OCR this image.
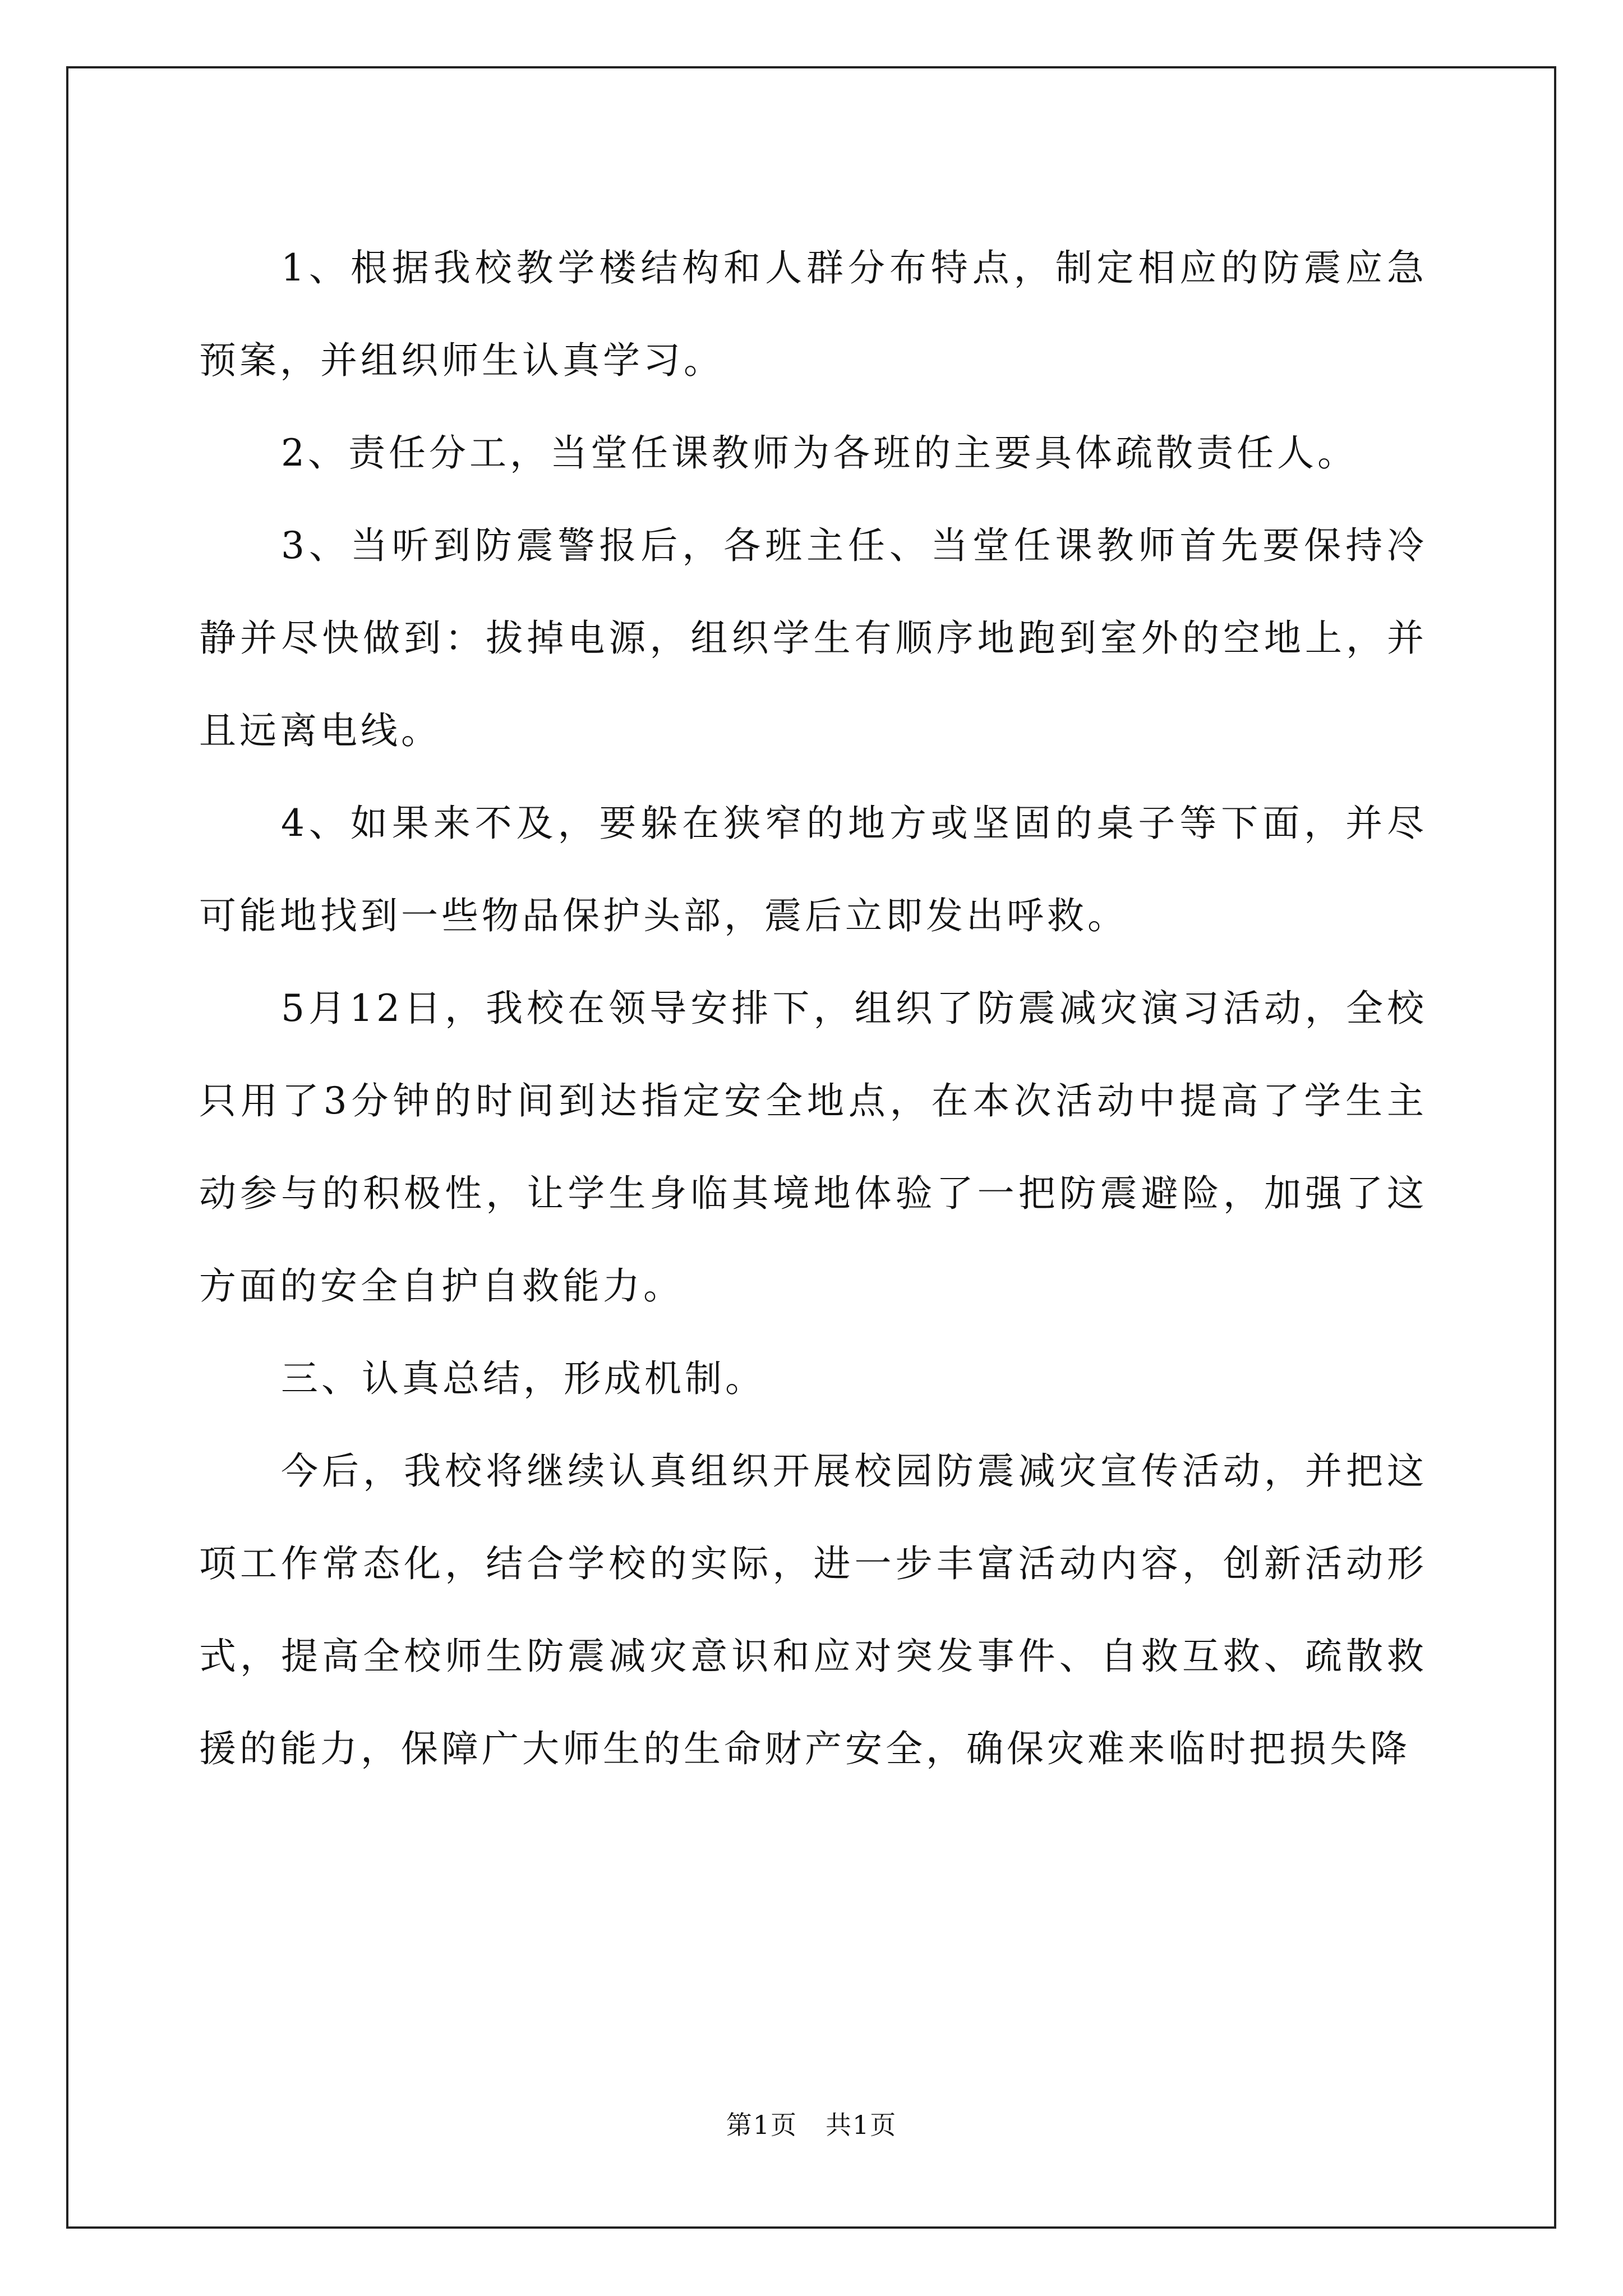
1、根据我校教学楼结构和人群分布特点，制定相应的防震应急预案，并组织师生认真学习。

2、责任分工，当堂任课教师为各班的主要具体疏散责任人。

3、当听到防震警报后，各班主任、当堂任课教师首先要保持冷静并尽快做到：拔掉电源，组织学生有顺序地跑到室外的空地上，并且远离电线。

4、如果来不及，要躲在狭窄的地方或坚固的桌子等下面，并尽可能地找到一些物品保护头部，震后立即发出呼救。

5月12日，我校在领导安排下，组织了防震减灾演习活动，全校只用了3分钟的时间到达指定安全地点，在本次活动中提高了学生主动参与的积极性，让学生身临其境地体验了一把防震避险，加强了这方面的安全自护自救能力。

三、认真总结，形成机制。

今后，我校将继续认真组织开展校园防震减灾宣传活动，并把这项工作常态化，结合学校的实际，进一步丰富活动内容，创新活动形式，提高全校师生防震减灾意识和应对突发事件、自救互救、疏散救援的能力，保障广大师生的生命财产安全，确保灾难来临时把损失降

第1页 共1页
